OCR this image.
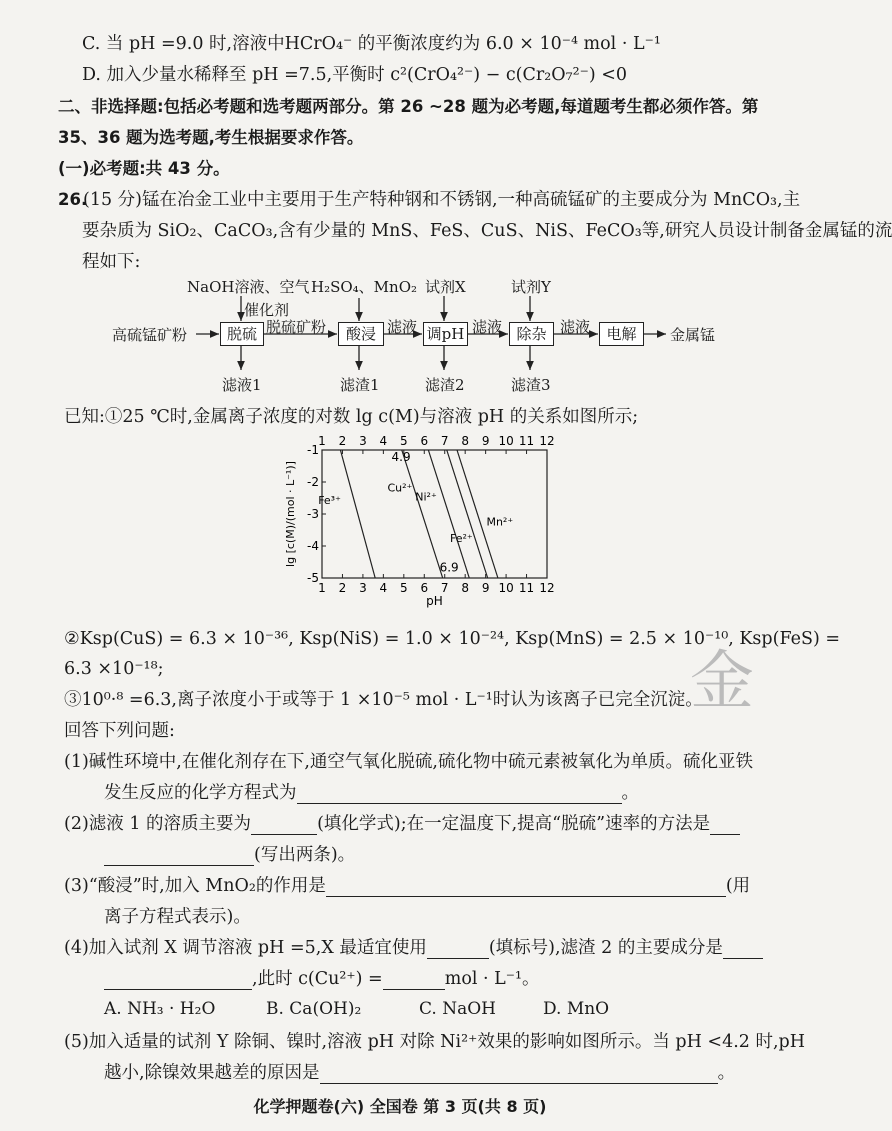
C. 当 pH =9.0 时,溶液中HCrO₄⁻ 的平衡浓度约为 6.0 × 10⁻⁴ mol · L⁻¹
D. 加入少量水稀释至 pH =7.5,平衡时 c²(CrO₄²⁻) − c(Cr₂O₇²⁻) <0
二、非选择题:包括必考题和选考题两部分。第 26 ~28 题为必考题,每道题考生都必须作答。第
35、36 题为选考题,考生根据要求作答。
(一)必考题:共 43 分。
26.
(15 分)锰在冶金工业中主要用于生产特种钢和不锈钢,一种高硫锰矿的主要成分为 MnCO₃,主
要杂质为 SiO₂、CaCO₃,含有少量的 MnS、FeS、CuS、NiS、FeCO₃等,研究人员设计制备金属锰的流
程如下:
NaOH溶液、空气
催化剂
H₂SO₄、MnO₂ 试剂X	试剂Y
高硫锰矿粉	脱硫 脱硫矿粉	酸浸 滤液 调pH 滤液 除杂 滤液	电解	金属锰
滤液1	滤渣1	滤渣2	滤渣3
已知:①25 ℃时,金属离子浓度的对数 lg c(M)与溶液 pH 的关系如图所示;
1
1
2
2
3
3
4
4
5
5
6
6
7
7
8
8
9
9
10
10
11
11
12
12
-1
-2
-3
-4
-5
Fe³⁺
Cu²⁺
Ni²⁺
Fe²⁺
Mn²⁺
4.9
6.9
pH
lg [c(M)/(mol · L⁻¹)]
②Ksp(CuS) = 6.3 × 10⁻³⁶, Ksp(NiS) = 1.0 × 10⁻²⁴, Ksp(MnS) = 2.5 × 10⁻¹⁰, Ksp(FeS) =
6.3 ×10⁻¹⁸;
③10⁰·⁸ =6.3,离子浓度小于或等于 1 ×10⁻⁵ mol · L⁻¹时认为该离子已完全沉淀。
回答下列问题:
金
(1)碱性环境中,在催化剂存在下,通空气氧化脱硫,硫化物中硫元素被氧化为单质。硫化亚铁
发生反应的化学方程式为	。
(2)滤液 1 的溶质主要为	(填化学式);在一定温度下,提高“脱硫”速率的方法是
(写出两条)。
(3)“酸浸”时,加入 MnO₂的作用是	(用
离子方程式表示)。
(4)加入试剂 X 调节溶液 pH =5,X 最适宜使用	(填标号),滤渣 2 的主要成分是
,此时 c(Cu²⁺) =	mol · L⁻¹。
A. NH₃ · H₂O	B. Ca(OH)₂	C. NaOH	D. MnO
(5)加入适量的试剂 Y 除铜、镍时,溶液 pH 对除 Ni²⁺效果的影响如图所示。当 pH <4.2 时,pH
越小,除镍效果越差的原因是	。
化学押题卷(六) 全国卷 第 3 页(共 8 页)
